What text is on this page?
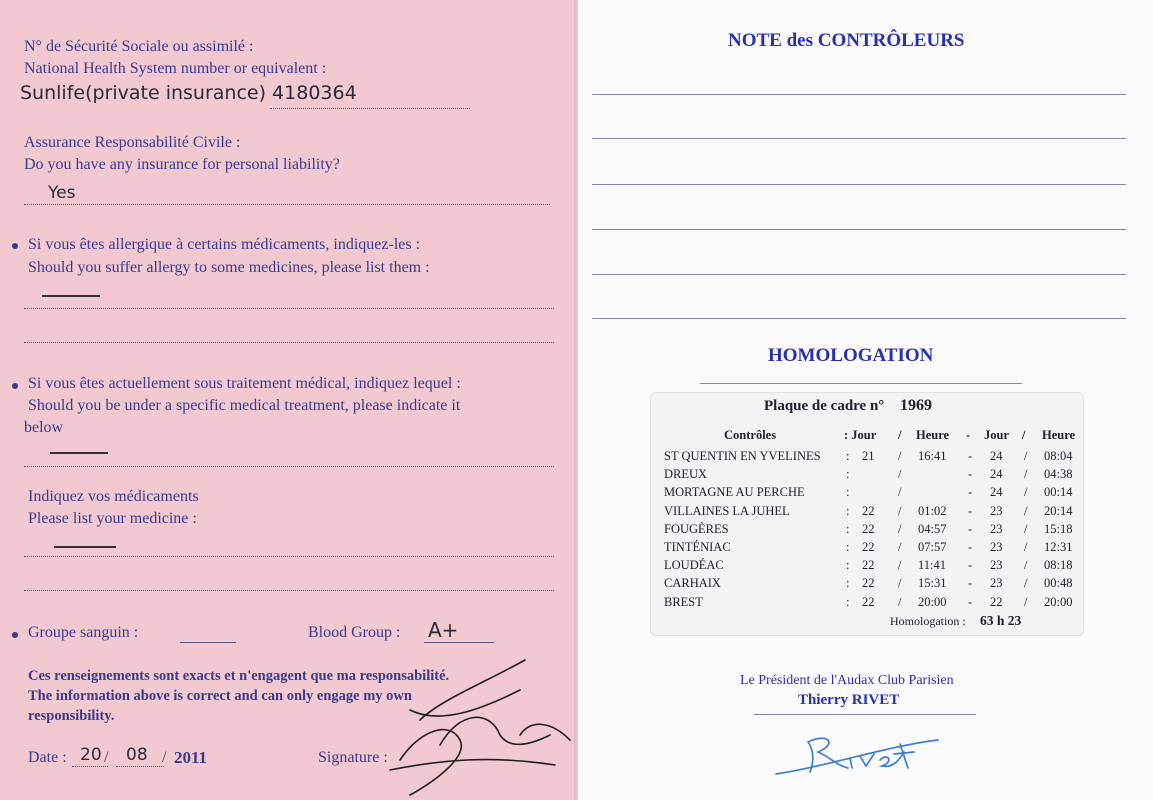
N° de Sécurité Sociale ou assimilé :
National Health System number or equivalent :
Sunlife(private insurance) 4180364
Assurance Responsabilité Civile :
Do you have any insurance for personal liability?
Yes
Si vous êtes allergique à certains médicaments, indiquez-les :
Should you suffer allergy to some medicines, please list them :
Si vous êtes actuellement sous traitement médical, indiquez lequel :
Should you be under a specific medical treatment, please indicate it
below
Indiquez vos médicaments
Please list your medicine :
Groupe sanguin :	Blood Group : A+
Ces renseignements sont exacts et n'engagent que ma responsabilité.
The information above is correct and can only engage my own
responsibility.
Date : 20 / 08 / 2011	Signature :
NOTE des CONTRÔLEURS
HOMOLOGATION
Plaque de cadre n° 1969
Contrôles	: Jour / Heure - Jour / Heure
ST QUENTIN EN YVELINES : 21 / 16:41 - 24 / 08:04
DREUX	:	/	- 24 / 04:38
MORTAGNE AU PERCHE	:	/	- 24 / 00:14
VILLAINES LA JUHEL	: 22 / 01:02 - 23 / 20:14
FOUGÈRES	: 22 / 04:57 - 23 / 15:18
TINTÉNIAC	: 22 / 07:57 - 23 / 12:31
LOUDÉAC	: 22 / 11:41 - 23 / 08:18
CARHAIX	: 22 / 15:31 - 23 / 00:48
BREST	: 22 / 20:00 - 22 / 20:00
Homologation : 63 h 23
Le Président de l'Audax Club Parisien
Thierry RIVET
